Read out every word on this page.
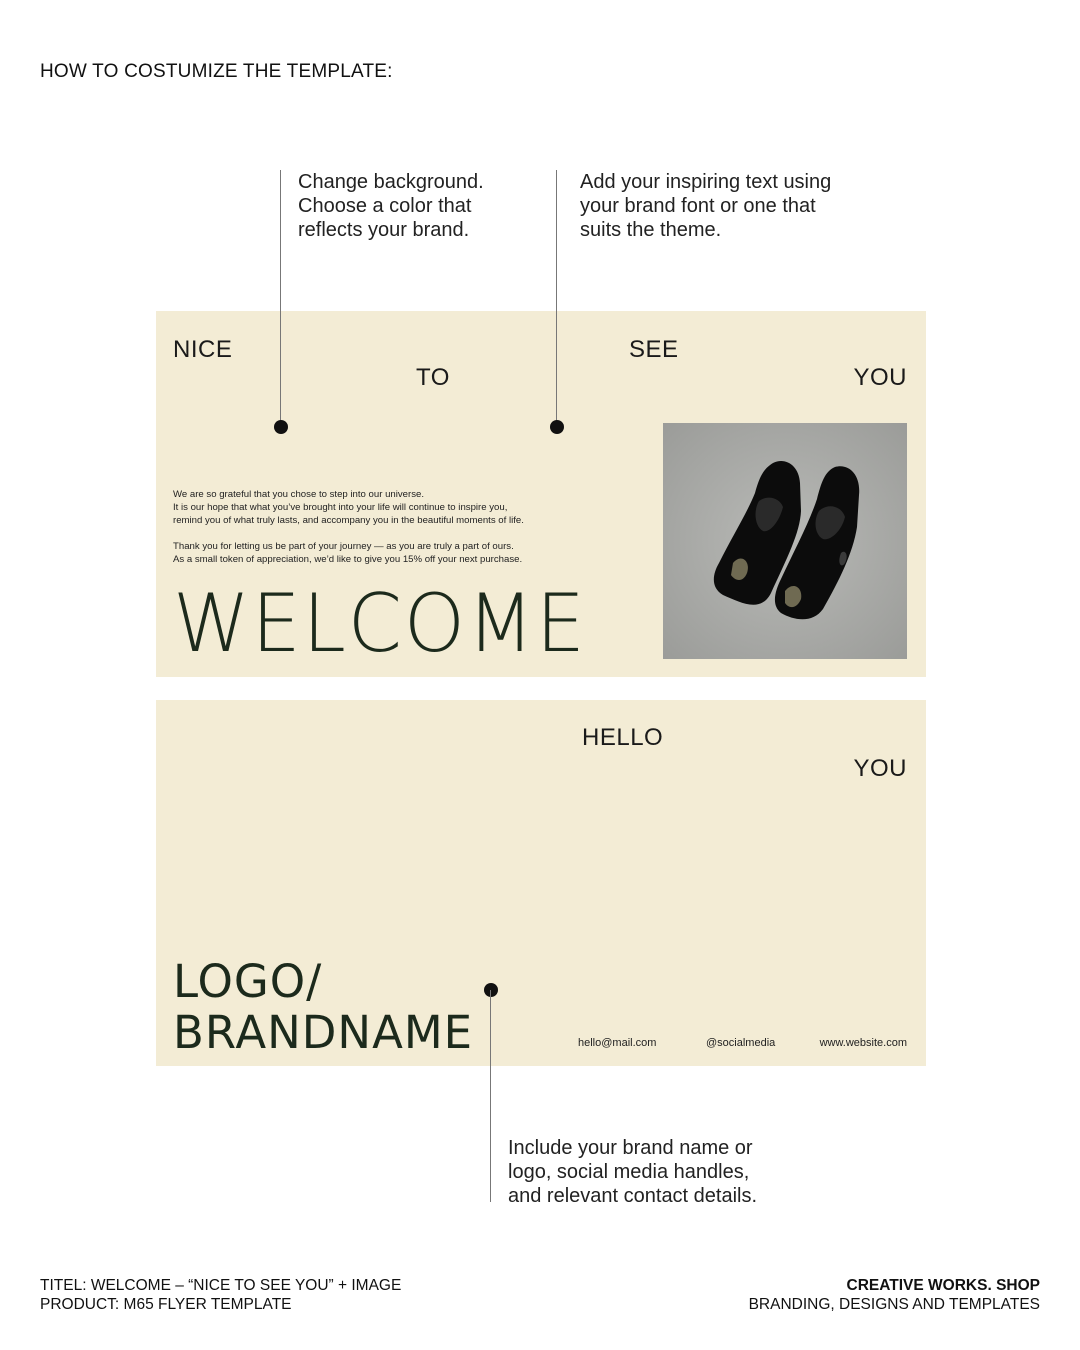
HOW TO COSTUMIZE THE TEMPLATE:
Change background.
Choose a color that
reflects your brand.
Add your inspiring text using
your brand font or one that
suits the theme.
NICE
TO
SEE
YOU
We are so grateful that you chose to step into our universe.
It is our hope that what you’ve brought into your life will continue to inspire you,
remind you of what truly lasts, and accompany you in the beautiful moments of life.
Thank you for letting us be part of your journey — as you are truly a part of ours.
As a small token of appreciation, we’d like to give you 15% off your next purchase.
WELCOME
HELLO
YOU
LOGO/
BRANDNAME	hello@mail.com	@socialmedia	www.website.com
Include your brand name or
logo, social media handles,
and relevant contact details.
TITEL: WELCOME – “NICE TO SEE YOU” + IMAGE
PRODUCT: M65 FLYER TEMPLATE
CREATIVE WORKS. SHOP
BRANDING, DESIGNS AND TEMPLATES
